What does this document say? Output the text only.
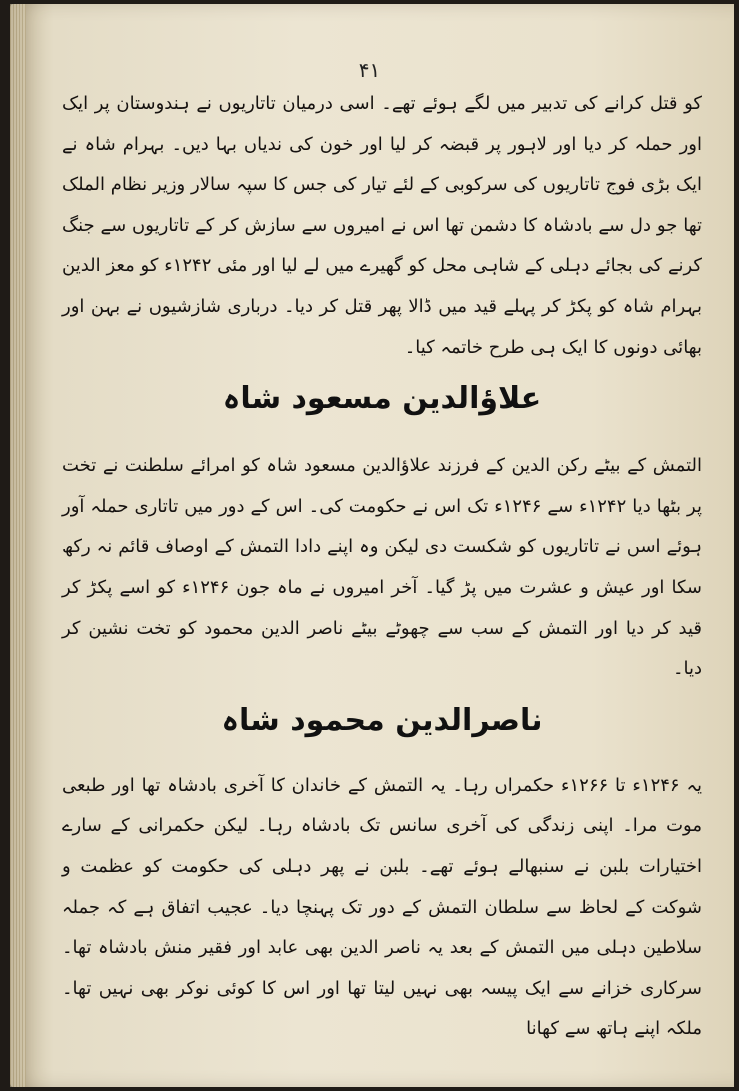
۴۱

کو قتل کرانے کی تدبیر میں لگے ہوئے تھے۔ اسی درمیان تاتاریوں نے ہندوستان پر ایک اور حملہ کر دیا اور لاہور پر قبضہ کر لیا اور خون کی ندیاں بہا دیں۔ بہرام شاہ نے ایک بڑی فوج تاتاریوں کی سرکوبی کے لئے تیار کی جس کا سپہ سالار وزیر نظام الملک تھا جو دل سے بادشاہ کا دشمن تھا اس نے امیروں سے سازش کر کے تاتاریوں سے جنگ کرنے کی بجائے دہلی کے شاہی محل کو گھیرے میں لے لیا اور مئی ۱۲۴۲ء کو معز الدین بہرام شاہ کو پکڑ کر پہلے قید میں ڈالا پھر قتل کر دیا۔ درباری شازشیوں نے بہن اور بھائی دونوں کا ایک ہی طرح خاتمہ کیا۔

علاؤالدین مسعود شاہ

التمش کے بیٹے رکن الدین کے فرزند علاؤالدین مسعود شاہ کو امرائے سلطنت نے تخت پر بٹھا دیا ۱۲۴۲ء سے ۱۲۴۶ء تک اس نے حکومت کی۔ اس کے دور میں تاتاری حملہ آور ہوئے اسں نے تاتاریوں کو شکست دی لیکن وہ اپنے دادا التمش کے اوصاف قائم نہ رکھ سکا اور عیش و عشرت میں پڑ گیا۔ آخر امیروں نے ماہ جون ۱۲۴۶ء کو اسے پکڑ کر قید کر دیا اور التمش کے سب سے چھوٹے بیٹے ناصر الدین محمود کو تخت نشین کر دیا۔

ناصرالدین محمود شاہ

یہ ۱۲۴۶ء تا ۱۲۶۶ء حکمراں رہا۔ یہ التمش کے خاندان کا آخری بادشاہ تھا اور طبعی موت مرا۔ اپنی زندگی کی آخری سانس تک بادشاہ رہا۔ لیکن حکمرانی کے سارے اختیارات بلبن نے سنبھالے ہوئے تھے۔ بلبن نے پھر دہلی کی حکومت کو عظمت و شوکت کے لحاظ سے سلطان التمش کے دور تک پہنچا دیا۔ عجیب اتفاق ہے کہ جملہ سلاطین دہلی میں التمش کے بعد یہ ناصر الدین بھی عابد اور فقیر منش بادشاہ تھا۔ سرکاری خزانے سے ایک پیسہ بھی نہیں لیتا تھا اور اس کا کوئی نوکر بھی نہیں تھا۔ ملکہ اپنے ہاتھ سے کھانا
